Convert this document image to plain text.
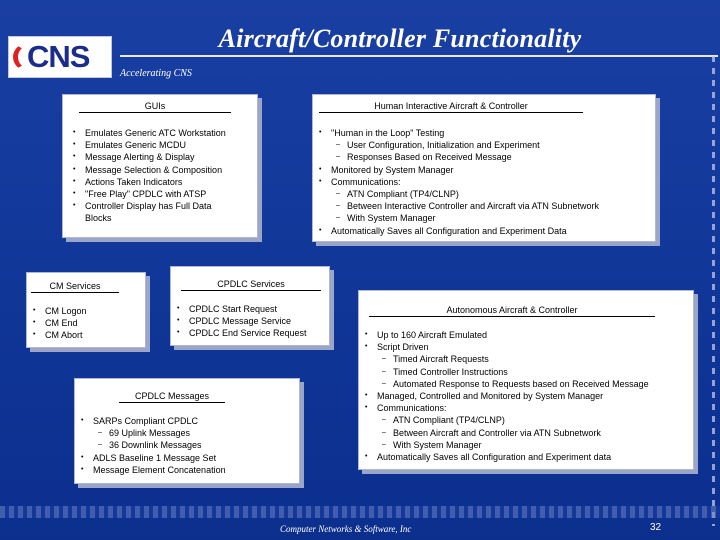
Aircraft/Controller Functionality
CNS	Accelerating CNS
GUIs
• Emulates Generic ATC Workstation
• Emulates Generic MCDU
• Message Alerting & Display
• Message Selection & Composition
• Actions Taken Indicators
• "Free Play" CPDLC with ATSP
• Controller Display has Full Data Blocks
Human Interactive Aircraft & Controller
• "Human in the Loop" Testing
– User Configuration, Initialization and Experiment
– Responses Based on Received Message
• Monitored by System Manager
• Communications:
– ATN Compliant (TP4/CLNP)
– Between Interactive Controller and Aircraft via ATN Subnetwork
– With System Manager
• Automatically Saves all Configuration and Experiment Data
CM Services
• CM Logon
• CM End
• CM Abort
CPDLC Services
• CPDLC Start Request
• CPDLC Message Service
• CPDLC End Service Request
CPDLC Messages
• SARPs Compliant CPDLC
– 69 Uplink Messages
– 36 Downlink Messages
• ADLS Baseline 1 Message Set
• Message Element Concatenation
Autonomous Aircraft & Controller
• Up to 160 Aircraft Emulated
• Script Driven
– Timed Aircraft Requests
– Timed Controller Instructions
– Automated Response to Requests based on Received Message
• Managed, Controlled and Monitored by System Manager
• Communications:
– ATN Compliant (TP4/CLNP)
– Between Aircraft and Controller via ATN Subnetwork
– With System Manager
• Automatically Saves all Configuration and Experiment data
Computer Networks & Software, Inc	32
